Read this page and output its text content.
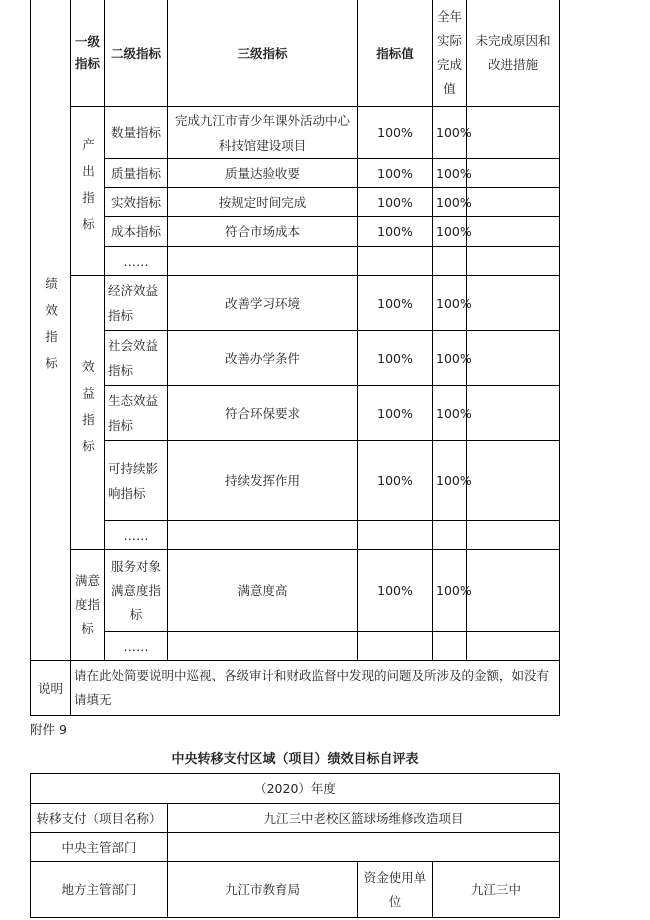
绩效指标	一级指标	二级指标	三级指标	指标值	全年实际完成值	未完成原因和改进措施
	产出指标	数量指标	完成九江市青少年课外活动中心科技馆建设项目	100%	100%	
		质量指标	质量达验收要	100%	100%	
		实效指标	按规定时间完成	100%	100%	
		成本指标	符合市场成本	100%	100%	
		……				
	效益指标	经济效益指标	改善学习环境	100%	100%	
		社会效益指标	改善办学条件	100%	100%	
		生态效益指标	符合环保要求	100%	100%	
		可持续影响指标	持续发挥作用	100%	100%	
		……				
	满意度指标	服务对象满意度指标	满意度高	100%	100%	
		……				
说明	请在此处简要说明中巡视、各级审计和财政监督中发现的问题及所涉及的金额，如没有请填无					
附件 9
中央转移支付区域（项目）绩效目标自评表
（2020）年度			
转移支付（项目名称）	九江三中老校区篮球场维修改造项目		
中央主管部门			
地方主管部门	九江市教育局	资金使用单位	九江三中
